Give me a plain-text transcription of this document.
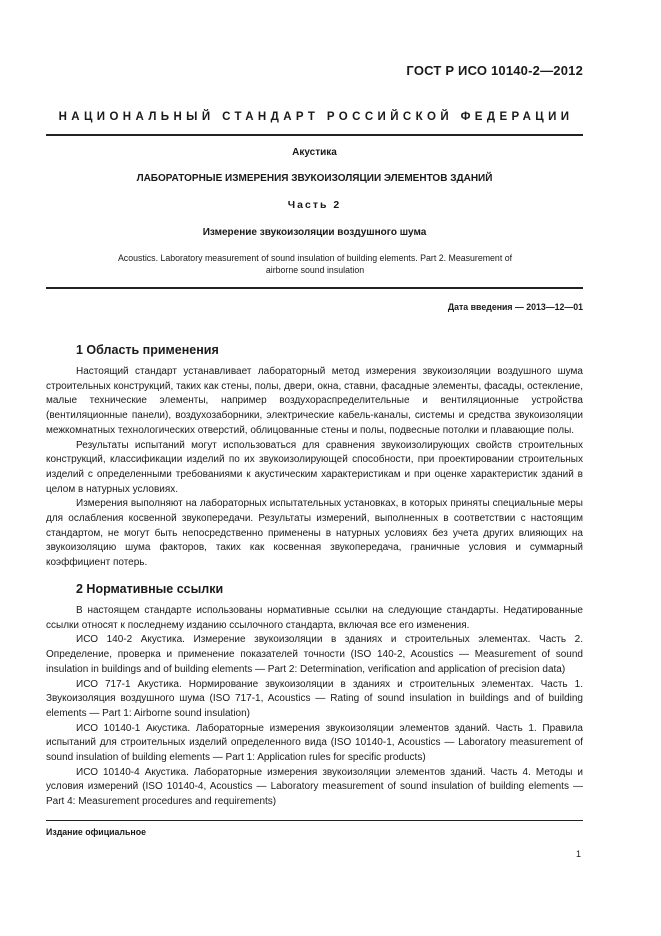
ГОСТ Р ИСО 10140-2—2012
НАЦИОНАЛЬНЫЙ СТАНДАРТ РОССИЙСКОЙ ФЕДЕРАЦИИ
Акустика
ЛАБОРАТОРНЫЕ ИЗМЕРЕНИЯ ЗВУКОИЗОЛЯЦИИ ЭЛЕМЕНТОВ ЗДАНИЙ
Часть 2
Измерение звукоизоляции воздушного шума
Acoustics. Laboratory measurement of sound insulation of building elements. Part 2. Measurement of
airborne sound insulation
Дата введения — 2013—12—01
1 Область применения

Настоящий стандарт устанавливает лабораторный метод измерения звукоизоляции воздушного шума строительных конструкций, таких как стены, полы, двери, окна, ставни, фасадные элементы, фасады, остекление, малые технические элементы, например воздухораспределительные и вентиляционные устройства (вентиляционные панели), воздухозаборники, электрические кабель-каналы, системы и средства звукоизоляции межкомнатных технологических отверстий, облицованные стены и полы, подвесные потолки и плавающие полы.

Результаты испытаний могут использоваться для сравнения звукоизолирующих свойств строительных конструкций, классификации изделий по их звукоизолирующей способности, при проектировании строительных изделий с определенными требованиями к акустическим характеристикам и при оценке характеристик зданий в целом в натурных условиях.

Измерения выполняют на лабораторных испытательных установках, в которых приняты специальные меры для ослабления косвенной звукопередачи. Результаты измерений, выполненных в соответствии с настоящим стандартом, не могут быть непосредственно применены в натурных условиях без учета других влияющих на звукоизоляцию шума факторов, таких как косвенная звукопередача, граничные условия и суммарный коэффициент потерь.

2 Нормативные ссылки

В настоящем стандарте использованы нормативные ссылки на следующие стандарты. Недатированные ссылки относят к последнему изданию ссылочного стандарта, включая все его изменения.

ИСО 140-2 Акустика. Измерение звукоизоляции в зданиях и строительных элементах. Часть 2. Определение, проверка и применение показателей точности (ISO 140-2, Acoustics — Measurement of sound insulation in buildings and of building elements — Part 2: Determination, verification and application of precision data)

ИСО 717-1 Акустика. Нормирование звукоизоляции в зданиях и строительных элементах. Часть 1. Звукоизоляция воздушного шума (ISO 717-1, Acoustics — Rating of sound insulation in buildings and of building elements — Part 1: Airborne sound insulation)

ИСО 10140-1 Акустика. Лабораторные измерения звукоизоляции элементов зданий. Часть 1. Правила испытаний для строительных изделий определенного вида (ISO 10140-1, Acoustics — Laboratory measurement of sound insulation of building elements — Part 1: Application rules for specific products)

ИСО 10140-4 Акустика. Лабораторные измерения звукоизоляции элементов зданий. Часть 4. Методы и условия измерений (ISO 10140-4, Acoustics — Laboratory measurement of sound insulation of building elements — Part 4: Measurement procedures and requirements)

Издание официальное
1
